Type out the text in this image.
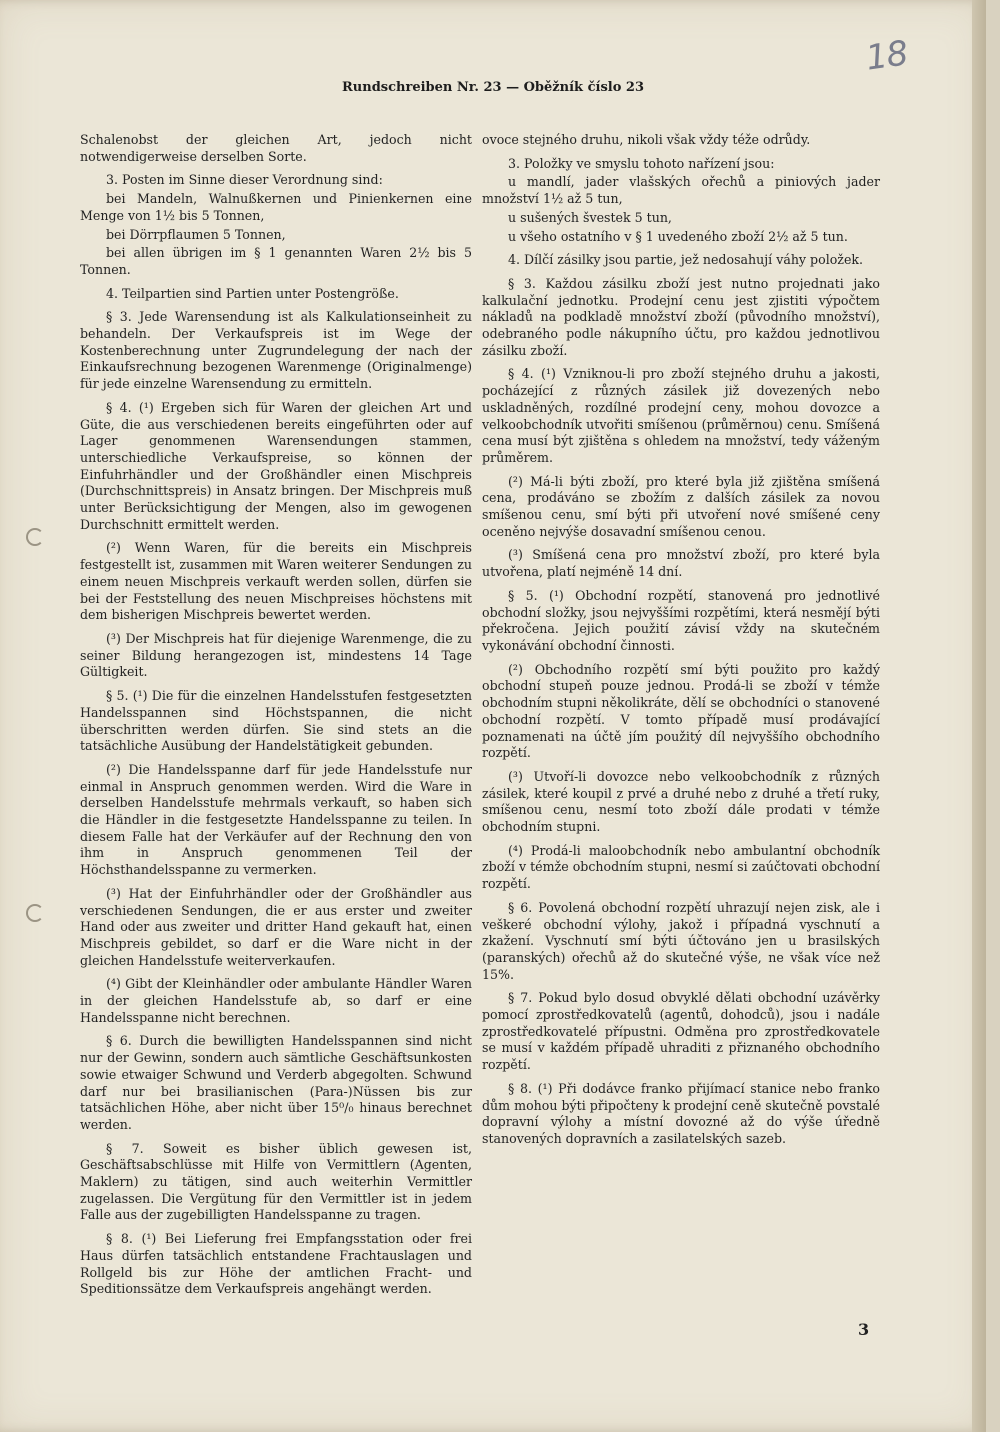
18
Rundschreiben Nr. 23 — Oběžník číslo 23

Schalenobst der gleichen Art, jedoch nicht notwendigerweise derselben Sorte.

3. Posten im Sinne dieser Verordnung sind:

bei Mandeln, Walnußkernen und Pinienkernen eine Menge von 1½ bis 5 Tonnen,

bei Dörrpflaumen 5 Tonnen,

bei allen übrigen im § 1 genannten Waren 2½ bis 5 Tonnen.

4. Teilpartien sind Partien unter Postengröße.

§ 3. Jede Warensendung ist als Kalkulationseinheit zu behandeln. Der Verkaufspreis ist im Wege der Kostenberechnung unter Zugrundelegung der nach der Einkaufsrechnung bezogenen Warenmenge (Originalmenge) für jede einzelne Warensendung zu ermitteln.

§ 4. (¹) Ergeben sich für Waren der gleichen Art und Güte, die aus verschiedenen bereits eingeführten oder auf Lager genommenen Warensendungen stammen, unterschiedliche Verkaufspreise, so können der Einfuhrhändler und der Großhändler einen Mischpreis (Durchschnittspreis) in Ansatz bringen. Der Mischpreis muß unter Berücksichtigung der Mengen, also im gewogenen Durchschnitt ermittelt werden.

(²) Wenn Waren, für die bereits ein Mischpreis festgestellt ist, zusammen mit Waren weiterer Sendungen zu einem neuen Mischpreis verkauft werden sollen, dürfen sie bei der Feststellung des neuen Mischpreises höchstens mit dem bisherigen Mischpreis bewertet werden.

(³) Der Mischpreis hat für diejenige Warenmenge, die zu seiner Bildung herangezogen ist, mindestens 14 Tage Gültigkeit.

§ 5. (¹) Die für die einzelnen Handelsstufen festgesetzten Handelsspannen sind Höchstspannen, die nicht überschritten werden dürfen. Sie sind stets an die tatsächliche Ausübung der Handelstätigkeit gebunden.

(²) Die Handelsspanne darf für jede Handelsstufe nur einmal in Anspruch genommen werden. Wird die Ware in derselben Handelsstufe mehrmals verkauft, so haben sich die Händler in die festgesetzte Handelsspanne zu teilen. In diesem Falle hat der Verkäufer auf der Rechnung den von ihm in Anspruch genommenen Teil der Höchsthandelsspanne zu vermerken.

(³) Hat der Einfuhrhändler oder der Großhändler aus verschiedenen Sendungen, die er aus erster und zweiter Hand oder aus zweiter und dritter Hand gekauft hat, einen Mischpreis gebildet, so darf er die Ware nicht in der gleichen Handelsstufe weiterverkaufen.

(⁴) Gibt der Kleinhändler oder ambulante Händler Waren in der gleichen Handelsstufe ab, so darf er eine Handelsspanne nicht berechnen.

§ 6. Durch die bewilligten Handelsspannen sind nicht nur der Gewinn, sondern auch sämtliche Geschäftsunkosten sowie etwaiger Schwund und Verderb abgegolten. Schwund darf nur bei brasilianischen (Para-)Nüssen bis zur tatsächlichen Höhe, aber nicht über 15⁰/₀ hinaus berechnet werden.

§ 7. Soweit es bisher üblich gewesen ist, Geschäftsabschlüsse mit Hilfe von Vermittlern (Agenten, Maklern) zu tätigen, sind auch weiterhin Vermittler zugelassen. Die Vergütung für den Vermittler ist in jedem Falle aus der zugebilligten Handelsspanne zu tragen.

§ 8. (¹) Bei Lieferung frei Empfangsstation oder frei Haus dürfen tatsächlich entstandene Frachtauslagen und Rollgeld bis zur Höhe der amtlichen Fracht- und Speditionssätze dem Verkaufspreis angehängt werden.

ovoce stejného druhu, nikoli však vždy téže odrůdy.

3. Položky ve smyslu tohoto nařízení jsou:

u mandlí, jader vlašských ořechů a piniových jader množství 1½ až 5 tun,

u sušených švestek 5 tun,

u všeho ostatního v § 1 uvedeného zboží 2½ až 5 tun.

4. Dílčí zásilky jsou partie, jež nedosahují váhy položek.

§ 3. Každou zásilku zboží jest nutno projednati jako kalkulační jednotku. Prodejní cenu jest zjistiti výpočtem nákladů na podkladě množství zboží (původního množství), odebraného podle nákupního účtu, pro každou jednotlivou zásilku zboží.

§ 4. (¹) Vzniknou-li pro zboží stejného druhu a jakosti, pocházející z různých zásilek již dovezených nebo uskladněných, rozdílné prodejní ceny, mohou dovozce a velkoobchodník utvořiti smíšenou (průměrnou) cenu. Smíšená cena musí být zjištěna s ohledem na množství, tedy váženým průměrem.

(²) Má-li býti zboží, pro které byla již zjištěna smíšená cena, prodáváno se zbožím z dalších zásilek za novou smíšenou cenu, smí býti při utvoření nové smíšené ceny oceněno nejvýše dosavadní smíšenou cenou.

(³) Smíšená cena pro množství zboží, pro které byla utvořena, platí nejméně 14 dní.

§ 5. (¹) Obchodní rozpětí, stanovená pro jednotlivé obchodní složky, jsou nejvyššími rozpětími, která nesmějí býti překročena. Jejich použití závisí vždy na skutečném vykonávání obchodní činnosti.

(²) Obchodního rozpětí smí býti použito pro každý obchodní stupeň pouze jednou. Prodá-li se zboží v témže obchodním stupni několikráte, dělí se obchodníci o stanovené obchodní rozpětí. V tomto případě musí prodávající poznamenati na účtě jím použitý díl nejvyššího obchodního rozpětí.

(³) Utvoří-li dovozce nebo velkoobchodník z různých zásilek, které koupil z prvé a druhé nebo z druhé a třetí ruky, smíšenou cenu, nesmí toto zboží dále prodati v témže obchodním stupni.

(⁴) Prodá-li maloobchodník nebo ambulantní obchodník zboží v témže obchodním stupni, nesmí si zaúčtovati obchodní rozpětí.

§ 6. Povolená obchodní rozpětí uhrazují nejen zisk, ale i veškeré obchodní výlohy, jakož i případná vyschnutí a zkažení. Vyschnutí smí býti účtováno jen u brasilských (paranských) ořechů až do skutečné výše, ne však více než 15%.

§ 7. Pokud bylo dosud obvyklé dělati obchodní uzávěrky pomocí zprostředkovatelů (agentů, dohodců), jsou i nadále zprostředkovatelé přípustni. Odměna pro zprostředkovatele se musí v každém případě uhraditi z přiznaného obchodního rozpětí.

§ 8. (¹) Při dodávce franko přijímací stanice nebo franko dům mohou býti připočteny k prodejní ceně skutečně povstalé dopravní výlohy a místní dovozné až do výše úředně stanovených dopravních a zasilatelských sazeb.

3
